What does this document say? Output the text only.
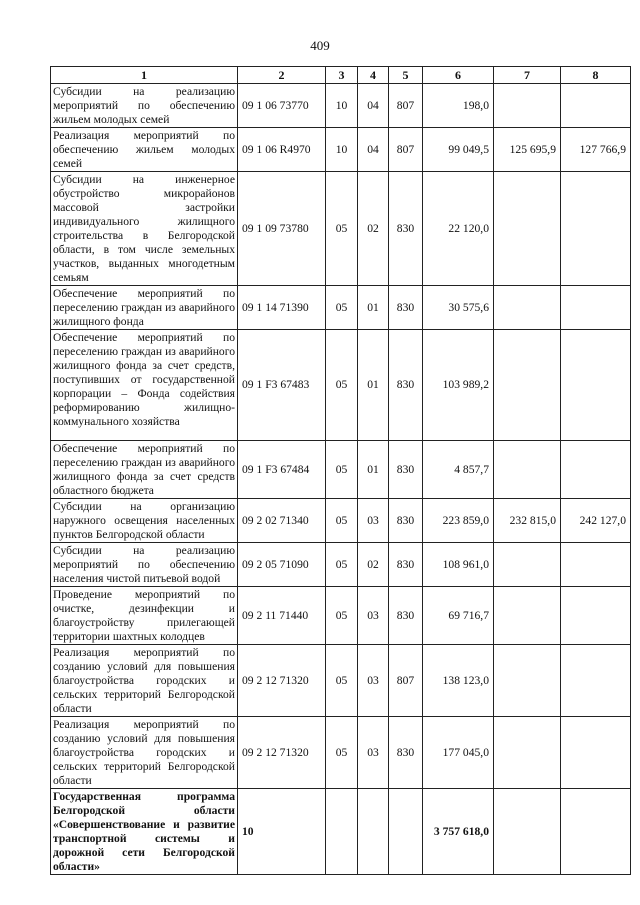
409
1	2	3	4	5	6	7	8
Субсидии на реализацию мероприятий по обеспечению жильем молодых семей	09 1 06 73770	10	04	807	198,0		
Реализация мероприятий по обеспечению жильем молодых семей	09 1 06 R4970	10	04	807	99 049,5	125 695,9	127 766,9
Субсидии на инженерное обустройство микрорайонов массовой застройки индивидуального жилищного строительства в Белгородской области, в том числе земельных участков, выданных многодетным семьям	09 1 09 73780	05	02	830	22 120,0		
Обеспечение мероприятий по переселению граждан из аварийного жилищного фонда	09 1 14 71390	05	01	830	30 575,6		
Обеспечение мероприятий по переселению граждан из аварийного жилищного фонда за счет средств, поступивших от государственной корпорации – Фонда содействия реформированию жилищно-коммунального хозяйства	09 1 F3 67483	05	01	830	103 989,2		
Обеспечение мероприятий по переселению граждан из аварийного жилищного фонда за счет средств областного бюджета	09 1 F3 67484	05	01	830	4 857,7		
Субсидии на организацию наружного освещения населенных пунктов Белгородской области	09 2 02 71340	05	03	830	223 859,0	232 815,0	242 127,0
Субсидии на реализацию мероприятий по обеспечению населения чистой питьевой водой	09 2 05 71090	05	02	830	108 961,0		
Проведение мероприятий по очистке, дезинфекции и благоустройству прилегающей территории шахтных колодцев	09 2 11 71440	05	03	830	69 716,7		
Реализация мероприятий по созданию условий для повышения благоустройства городских и сельских территорий Белгородской области	09 2 12 71320	05	03	807	138 123,0		
Реализация мероприятий по созданию условий для повышения благоустройства городских и сельских территорий Белгородской области	09 2 12 71320	05	03	830	177 045,0		
Государственная программа Белгородской области «Совершенствование и развитие транспортной системы и дорожной сети Белгородской области»	10				3 757 618,0		
